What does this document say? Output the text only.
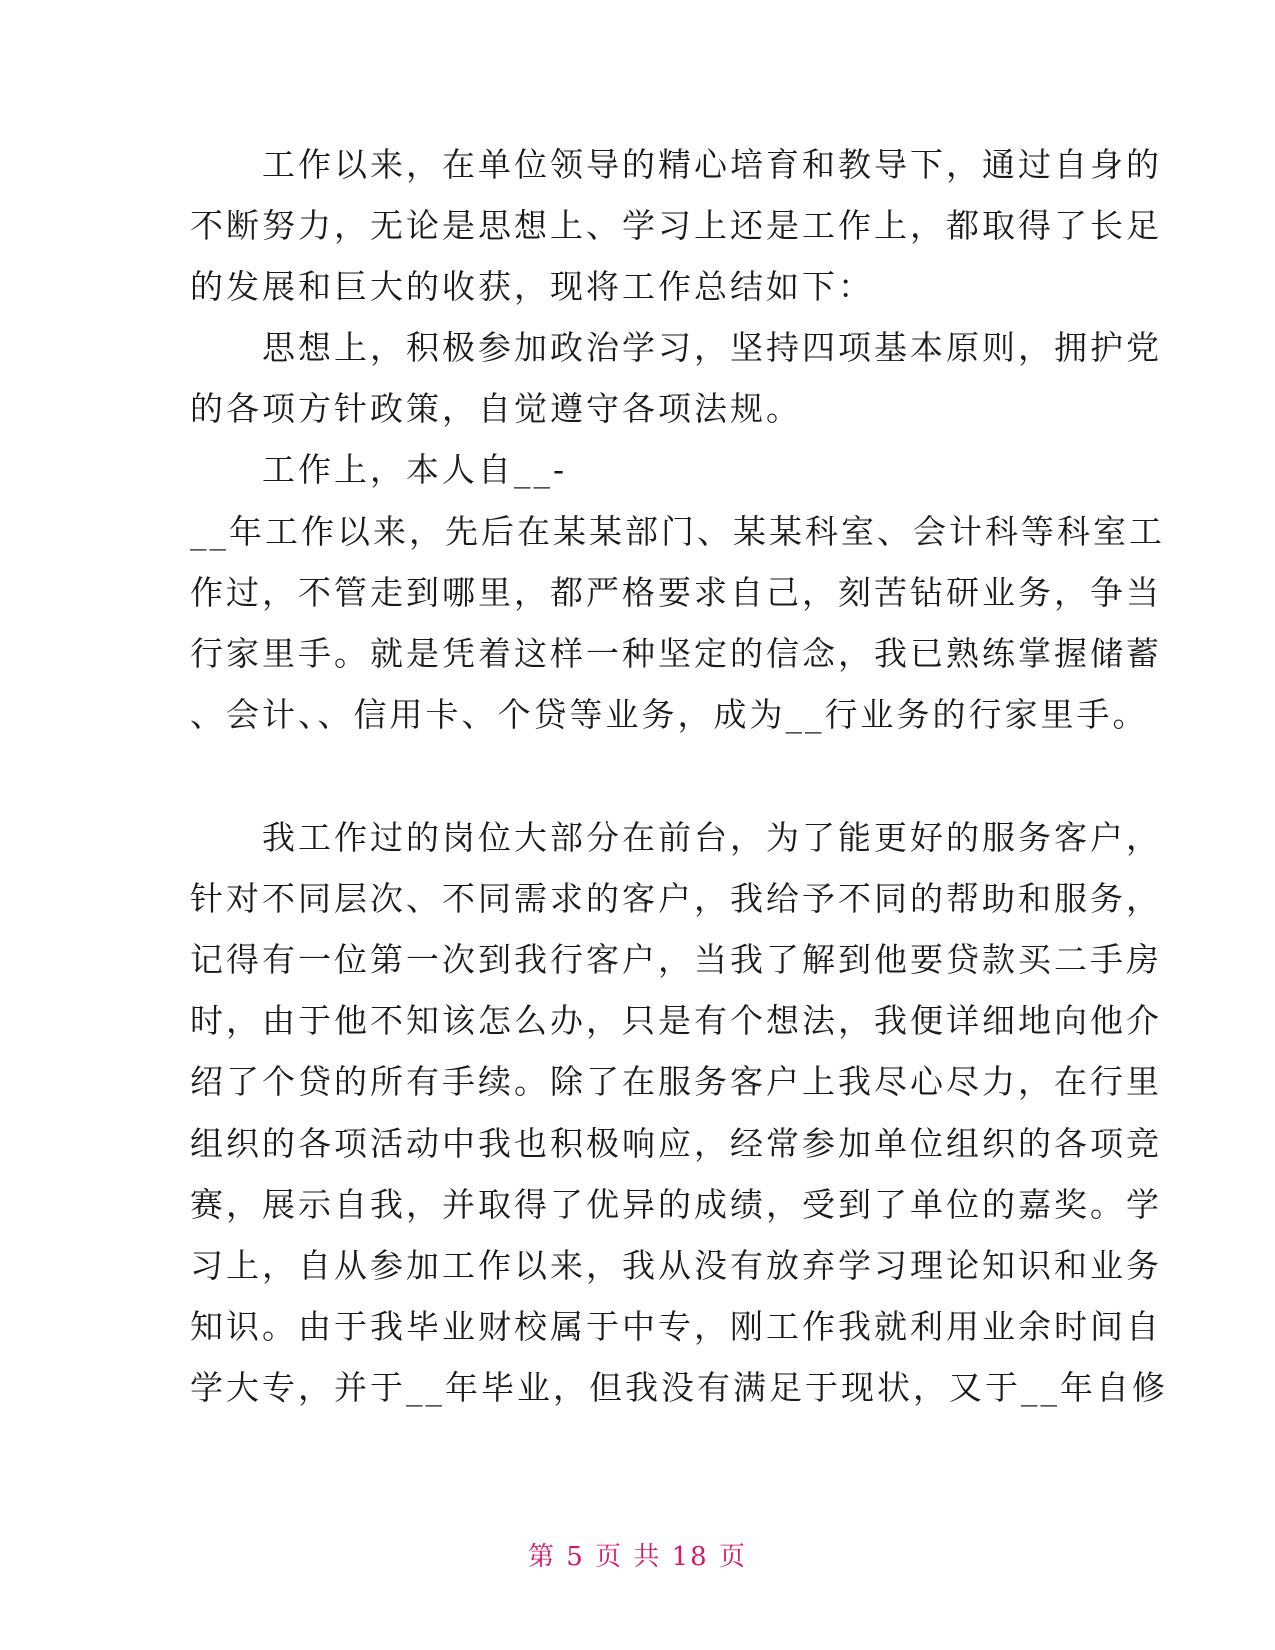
　　工作以来，在单位领导的精心培育和教导下，通过自身的
不断努力，无论是思想上、学习上还是工作上，都取得了长足
的发展和巨大的收获，现将工作总结如下：
　　思想上，积极参加政治学习，坚持四项基本原则，拥护党
的各项方针政策，自觉遵守各项法规。
　　工作上，本人自__-
__年工作以来，先后在某某部门、某某科室、会计科等科室工
作过，不管走到哪里，都严格要求自己，刻苦钻研业务，争当
行家里手。就是凭着这样一种坚定的信念，我已熟练掌握储蓄
、会计、、信用卡、个贷等业务，成为__行业务的行家里手。
　　我工作过的岗位大部分在前台，为了能更好的服务客户，
针对不同层次、不同需求的客户，我给予不同的帮助和服务，
记得有一位第一次到我行客户，当我了解到他要贷款买二手房
时，由于他不知该怎么办，只是有个想法，我便详细地向他介
绍了个贷的所有手续。除了在服务客户上我尽心尽力，在行里
组织的各项活动中我也积极响应，经常参加单位组织的各项竞
赛，展示自我，并取得了优异的成绩，受到了单位的嘉奖。学
习上，自从参加工作以来，我从没有放弃学习理论知识和业务
知识。由于我毕业财校属于中专，刚工作我就利用业余时间自
学大专，并于__年毕业，但我没有满足于现状，又于__年自修
第 5 页 共 18 页
